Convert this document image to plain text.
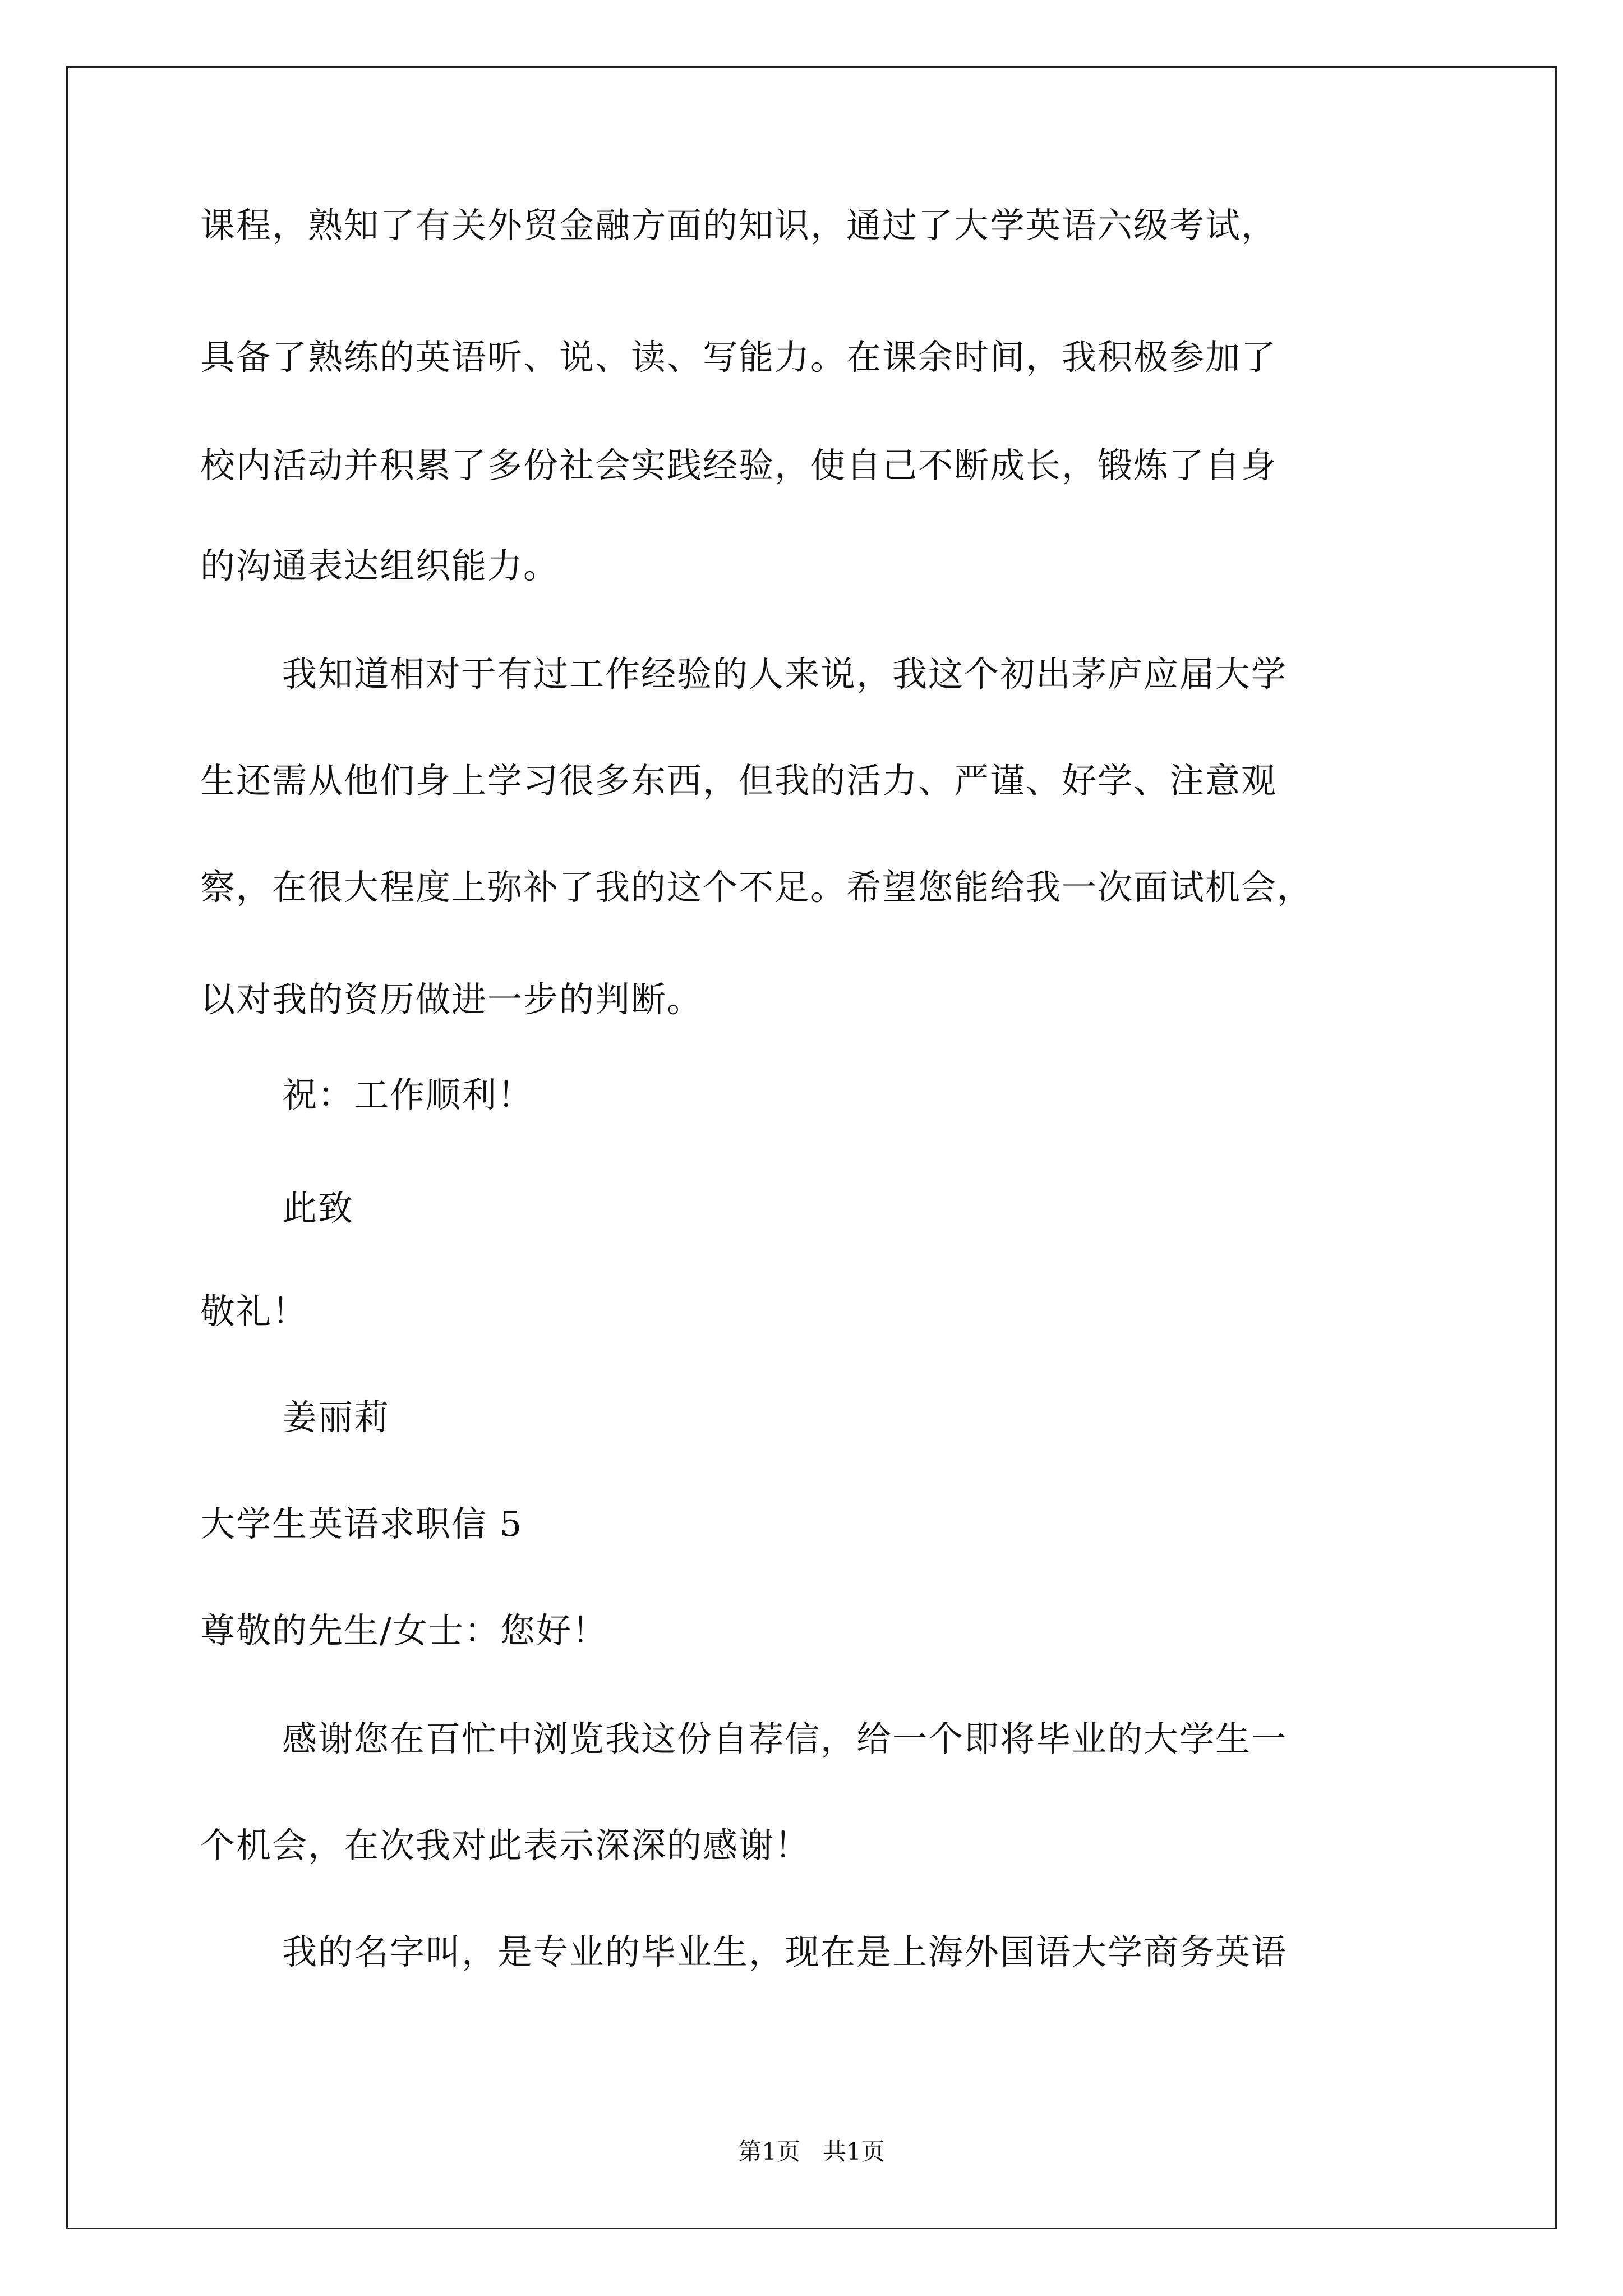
课程，熟知了有关外贸金融方面的知识，通过了大学英语六级考试，
具备了熟练的英语听、说、读、写能力。在课余时间，我积极参加了
校内活动并积累了多份社会实践经验，使自己不断成长，锻炼了自身
的沟通表达组织能力。
我知道相对于有过工作经验的人来说，我这个初出茅庐应届大学
生还需从他们身上学习很多东西，但我的活力、严谨、好学、注意观
察，在很大程度上弥补了我的这个不足。希望您能给我一次面试机会，
以对我的资历做进一步的判断。
祝：工作顺利！
此致
敬礼！
姜丽莉
大学生英语求职信 5
尊敬的先生/女士：您好！
感谢您在百忙中浏览我这份自荐信，给一个即将毕业的大学生一
个机会，在次我对此表示深深的感谢！
我的名字叫，是专业的毕业生，现在是上海外国语大学商务英语
第1页   共1页
